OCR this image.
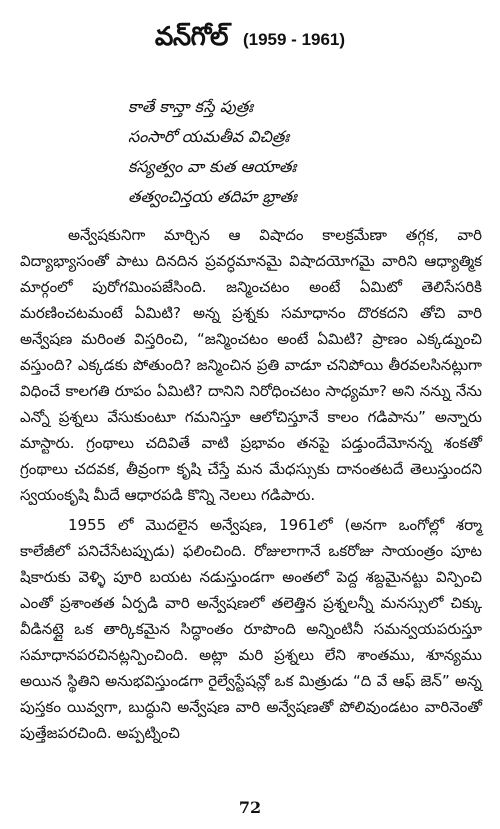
వన్‌గోల్ (1959 - 1961)
కాతే కాన్తా కస్తే పుత్రః
సంసారో యమతీవ విచిత్రః
కస్యత్వం వా కుత ఆయాతః
తత్వంచిన్తయ తదిహ భ్రాతః

అన్వేషకునిగా మార్చిన ఆ విషాదం కాలక్రమేణా తగ్గక, వారి విద్యాభ్యాసంతో పాటు దినదిన ప్రవర్ధమానమై విషాదయోగమై వారిని ఆధ్యాత్మిక మార్గంలో పురోగమింపజేసింది. జన్మించటం అంటే ఏమిటో తెలిసేసరికి మరణించటమంటే ఏమిటి? అన్న ప్రశ్నకు సమాధానం దొరకదని తోచి వారి అన్వేషణ మరింత విస్తరించి, “జన్మించటం అంటే ఏమిటి? ప్రాణం ఎక్కడ్నుంచి వస్తుంది? ఎక్కడకు పోతుంది? జన్మించిన ప్రతి వాడూ చనిపోయి తీరవలసినట్లుగా విధించే కాలగతి రూపం ఏమిటి? దానిని నిరోధించటం సాధ్యమా? అని నన్ను నేను ఎన్నో ప్రశ్నలు వేసుకుంటూ గమనిస్తూ ఆలోచిస్తూనే కాలం గడిపాను” అన్నారు మాస్టారు. గ్రంథాలు చదివితే వాటి ప్రభావం తనపై పడ్తుందేమోనన్న శంకతో గ్రంథాలు చదవక, తీవ్రంగా కృషి చేస్తే మన మేధస్సుకు దానంతటదే తెలుస్తుందని స్వయంకృషి మీదే ఆధారపడి కొన్ని నెలలు గడిపారు.

1955 లో మొదలైన అన్వేషణ, 1961లో (అనగా ఒంగోల్లో శర్మా కాలేజీలో పనిచేసేటప్పుడు) ఫలించింది. రోజులాగానే ఒకరోజు సాయంత్రం పూట షికారుకు వెళ్ళి పూరి బయట నడుస్తుండగా అంతలో పెద్ద శబ్దమైనట్టు విన్పించి ఎంతో ప్రశాంతత ఏర్పడి వారి అన్వేషణలో తలెత్తిన ప్రశ్నలన్నీ మనస్సులో చిక్కు వీడినట్లై ఒక తార్కికమైన సిద్ధాంతం రూపొంది అన్నింటినీ సమన్వయపరుస్తూ సమాధానపరచినట్లన్పించింది. అట్లా మరి ప్రశ్నలు లేని శాంతము, శూన్యము అయిన స్థితిని అనుభవిస్తుండగా రైల్వేస్టేషన్లో ఒక మిత్రుడు “ది వే ఆఫ్ జెన్” అన్న పుస్తకం యివ్వగా, బుద్ధుని అన్వేషణ వారి అన్వేషణతో పోలివుండటం వారినెంతో పుత్తేజపరచింది. అప్పట్నించి

72
